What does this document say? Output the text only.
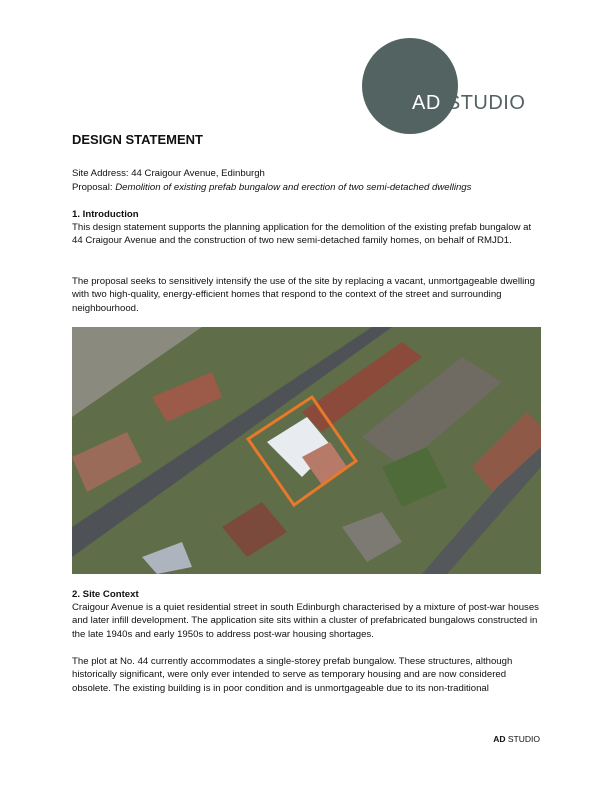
AD STUDIO
DESIGN STATEMENT
Site Address: 44 Craigour Avenue, Edinburgh
Proposal: Demolition of existing prefab bungalow and erection of two semi-detached dwellings
1. Introduction
This design statement supports the planning application for the demolition of the existing prefab bungalow at 44 Craigour Avenue and the construction of two new semi-detached family homes, on behalf of RMJD1.
The proposal seeks to sensitively intensify the use of the site by replacing a vacant, unmortgageable dwelling with two high-quality, energy-efficient homes that respond to the context of the street and surrounding neighbourhood.
2. Site Context
Craigour Avenue is a quiet residential street in south Edinburgh characterised by a mixture of post-war houses and later infill development. The application site sits within a cluster of prefabricated bungalows constructed in the late 1940s and early 1950s to address post-war housing shortages.
The plot at No. 44 currently accommodates a single-storey prefab bungalow. These structures, although historically significant, were only ever intended to serve as temporary housing and are now considered obsolete. The existing building is in poor condition and is unmortgageable due to its non-traditional
AD STUDIO
